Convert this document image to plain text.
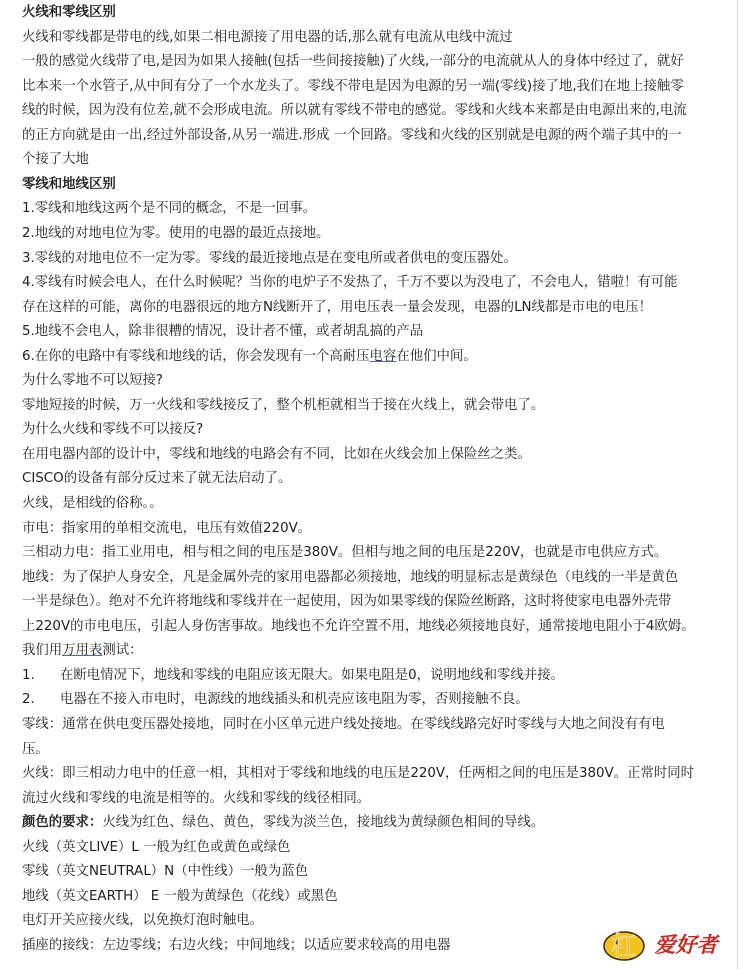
火线和零线区别

火线和零线都是带电的线,如果二相电源接了用电器的话,那么就有电流从电线中流过

一般的感觉火线带了电,是因为如果人接触(包括一些间接接触)了火线,一部分的电流就从人的身体中经过了，就好

比本来一个水管子,从中间有分了一个水龙头了。零线不带电是因为电源的另一端(零线)接了地,我们在地上接触零

线的时候，因为没有位差,就不会形成电流。所以就有零线不带电的感觉。零线和火线本来都是由电源出来的,电流

的正方向就是由一出,经过外部设备,从另一端进.形成 一个回路。零线和火线的区别就是电源的两个端子其中的一

个接了大地

零线和地线区别

1.零线和地线这两个是不同的概念，不是一回事。

2.地线的对地电位为零。使用的电器的最近点接地。

3.零线的对地电位不一定为零。零线的最近接地点是在变电所或者供电的变压器处。

4.零线有时候会电人，在什么时候呢？当你的电炉子不发热了，千万不要以为没电了，不会电人，错啦！有可能

存在这样的可能，离你的电器很远的地方N线断开了，用电压表一量会发现，电器的LN线都是市电的电压！

5.地线不会电人，除非很糟的情况，设计者不懂，或者胡乱搞的产品

6.在你的电路中有零线和地线的话，你会发现有一个高耐压电容在他们中间。

为什么零地不可以短接?

零地短接的时候，万一火线和零线接反了，整个机柜就相当于接在火线上，就会带电了。

为什么火线和零线不可以接反?

在用电器内部的设计中，零线和地线的电路会有不同，比如在火线会加上保险丝之类。

CISCO的设备有部分反过来了就无法启动了。

火线，是相线的俗称。。

市电：指家用的单相交流电，电压有效值220V。

三相动力电：指工业用电，相与相之间的电压是380V。但相与地之间的电压是220V，也就是市电供应方式。

地线：为了保护人身安全，凡是金属外壳的家用电器都必须接地，地线的明显标志是黄绿色（电线的一半是黄色

一半是绿色）。绝对不允许将地线和零线并在一起使用，因为如果零线的保险丝断路，这时将使家电电器外壳带

上220V的市电电压，引起人身伤害事故。地线也不允许空置不用，地线必须接地良好，通常接地电阻小于4欧姆。

我们用万用表测试：

1. 在断电情况下，地线和零线的电阻应该无限大。如果电阻是0，说明地线和零线并接。

2. 电器在不接入市电时，电源线的地线插头和机壳应该电阻为零，否则接触不良。

零线：通常在供电变压器处接地，同时在小区单元进户线处接地。在零线线路完好时零线与大地之间没有有电

压。

火线：即三相动力电中的任意一相，其相对于零线和地线的电压是220V，任两相之间的电压是380V。正常时同时

流过火线和零线的电流是相等的。火线和零线的线径相同。

颜色的要求：火线为红色、绿色、黄色，零线为淡兰色，接地线为黄绿颜色相间的导线。

火线（英文LIVE）L 一般为红色或黄色或绿色

零线（英文NEUTRAL）N（中性线）一般为蓝色

地线（英文EARTH） E 一般为黄绿色（花线）或黑色

电灯开关应接火线，以免换灯泡时触电。

插座的接线：左边零线；右边火线；中间地线；以适应要求较高的用电器	杠 爱好者
